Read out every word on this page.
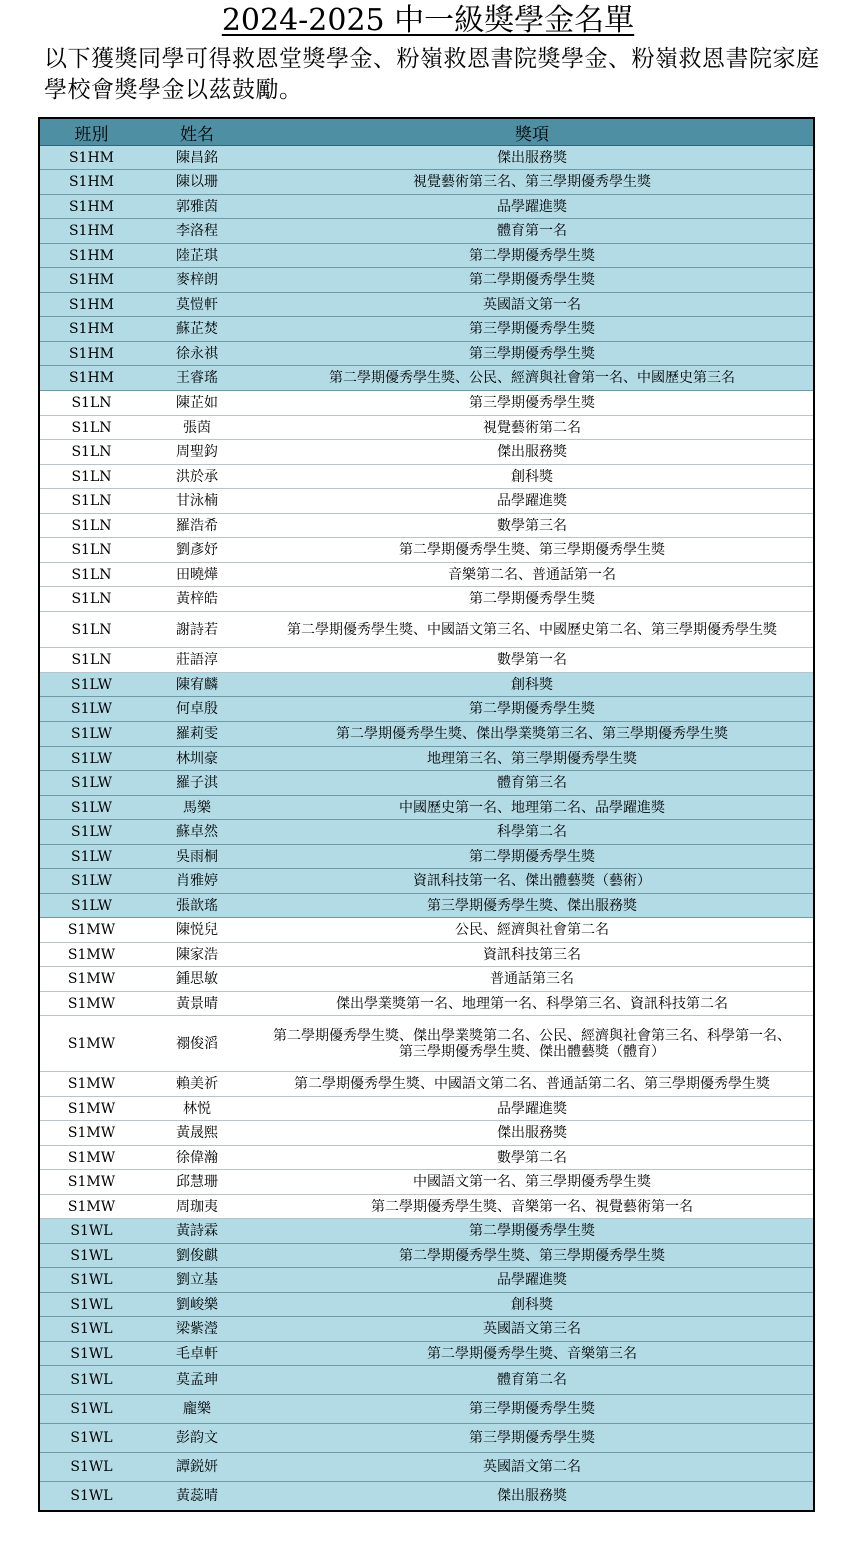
2024-2025 中一級獎學金名單
以下獲獎同學可得救恩堂獎學金、粉嶺救恩書院獎學金、粉嶺救恩書院家庭學校會獎學金以茲鼓勵。
班別	姓名	獎項
S1HM	陳昌銘	傑出服務獎
S1HM	陳以珊	視覺藝術第三名、第三學期優秀學生獎
S1HM	郭雅茵	品學躍進獎
S1HM	李洛程	體育第一名
S1HM	陸芷琪	第二學期優秀學生獎
S1HM	麥梓朗	第二學期優秀學生獎
S1HM	莫愷軒	英國語文第一名
S1HM	蘇芷焚	第三學期優秀學生獎
S1HM	徐永祺	第三學期優秀學生獎
S1HM	王睿瑤	第二學期優秀學生獎、公民、經濟與社會第一名、中國歷史第三名
S1LN	陳芷如	第三學期優秀學生獎
S1LN	張茵	視覺藝術第二名
S1LN	周聖鈞	傑出服務獎
S1LN	洪於承	創科獎
S1LN	甘泳楠	品學躍進獎
S1LN	羅浩希	數學第三名
S1LN	劉彥妤	第二學期優秀學生獎、第三學期優秀學生獎
S1LN	田曉燁	音樂第二名、普通話第一名
S1LN	黃梓皓	第二學期優秀學生獎
S1LN	謝詩若	第二學期優秀學生獎、中國語文第三名、中國歷史第二名、第三學期優秀學生獎
S1LN	莊語淳	數學第一名
S1LW	陳宥麟	創科獎
S1LW	何卓殷	第二學期優秀學生獎
S1LW	羅莉雯	第二學期優秀學生獎、傑出學業獎第三名、第三學期優秀學生獎
S1LW	林圳豪	地理第三名、第三學期優秀學生獎
S1LW	羅子淇	體育第三名
S1LW	馬樂	中國歷史第一名、地理第二名、品學躍進獎
S1LW	蘇卓然	科學第二名
S1LW	吳雨桐	第二學期優秀學生獎
S1LW	肖雅婷	資訊科技第一名、傑出體藝獎（藝術）
S1LW	張歆瑤	第三學期優秀學生獎、傑出服務獎
S1MW	陳悦兒	公民、經濟與社會第二名
S1MW	陳家浩	資訊科技第三名
S1MW	鍾思敏	普通話第三名
S1MW	黃景晴	傑出學業獎第一名、地理第一名、科學第三名、資訊科技第二名
S1MW	禤俊滔	第二學期優秀學生獎、傑出學業獎第二名、公民、經濟與社會第三名、科學第一名、
第三學期優秀學生獎、傑出體藝獎（體育）
S1MW	賴美祈	第二學期優秀學生獎、中國語文第二名、普通話第二名、第三學期優秀學生獎
S1MW	林悦	品學躍進獎
S1MW	黃晟熙	傑出服務獎
S1MW	徐偉瀚	數學第二名
S1MW	邱慧珊	中國語文第一名、第三學期優秀學生獎
S1MW	周珈夷	第二學期優秀學生獎、音樂第一名、視覺藝術第一名
S1WL	黃詩霖	第二學期優秀學生獎
S1WL	劉俊麒	第二學期優秀學生獎、第三學期優秀學生獎
S1WL	劉立基	品學躍進獎
S1WL	劉峻樂	創科獎
S1WL	梁紫瀅	英國語文第三名
S1WL	毛卓軒	第二學期優秀學生獎、音樂第三名
S1WL	莫孟珅	體育第二名
S1WL	龐樂	第三學期優秀學生獎
S1WL	彭韵文	第三學期優秀學生獎
S1WL	譚鋭妍	英國語文第二名
S1WL	黃蕊晴	傑出服務獎
